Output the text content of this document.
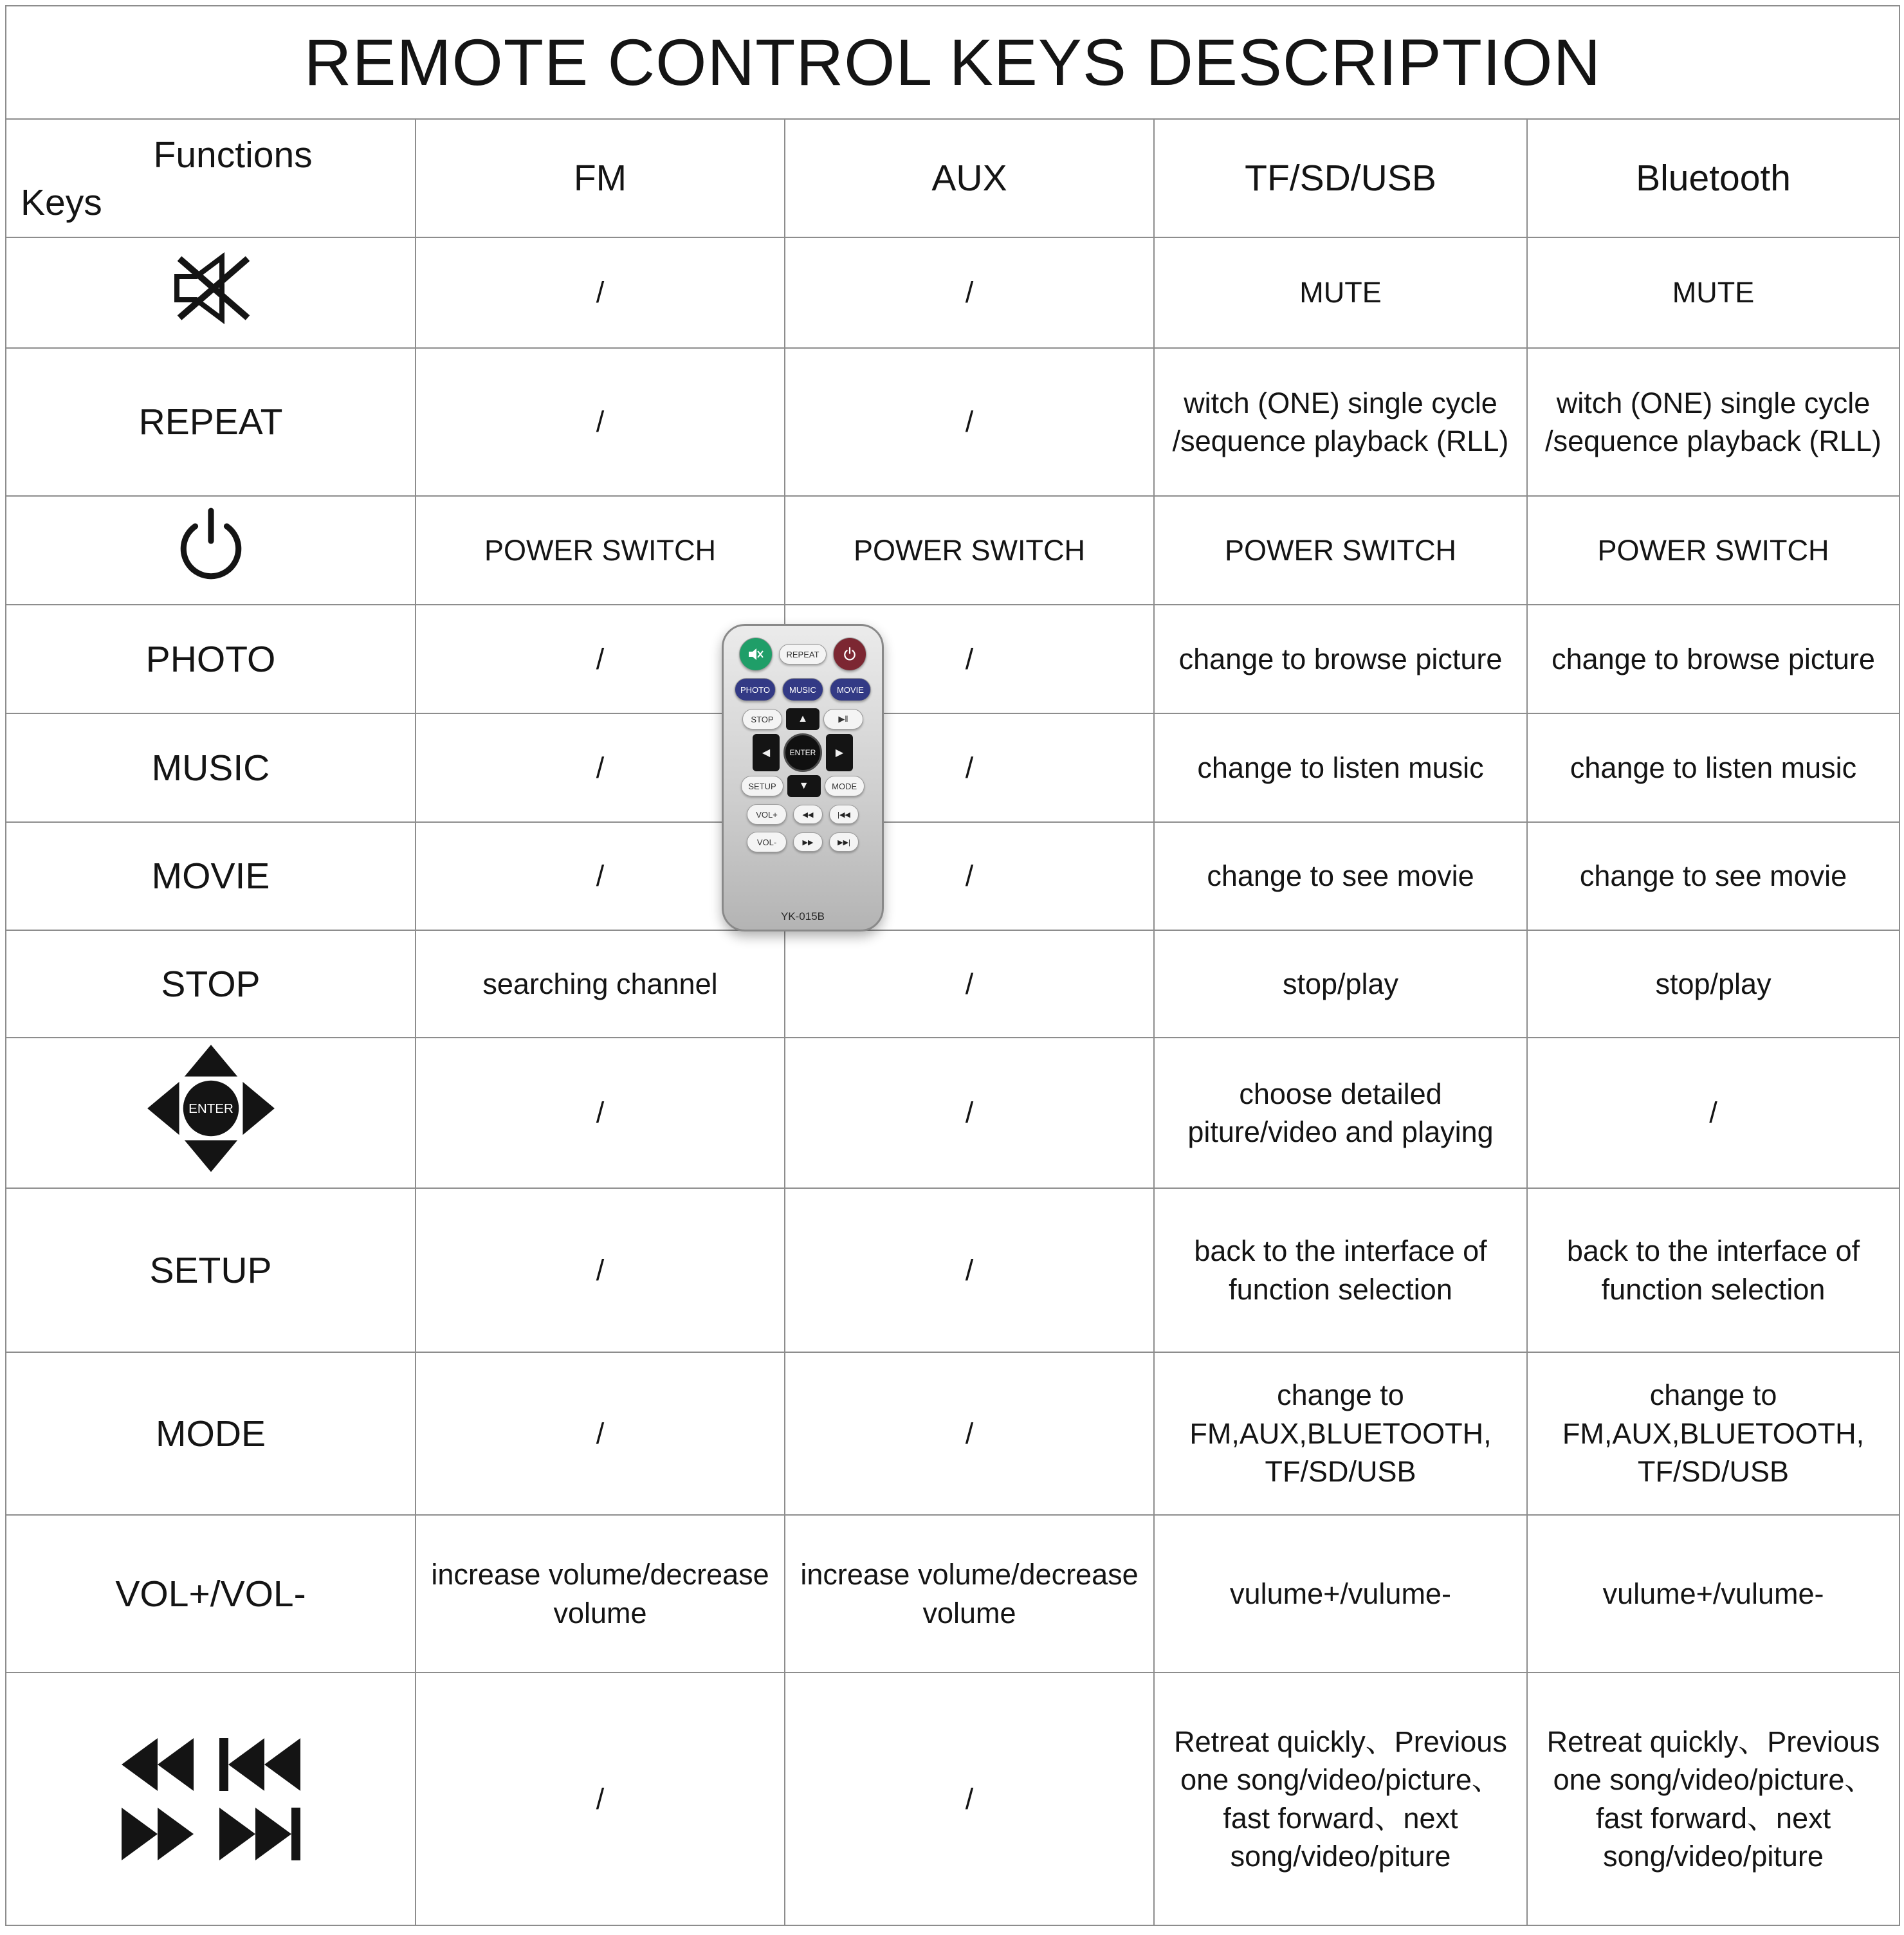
REMOTE CONTROL KEYS DESCRIPTION				

Functions
Keys	FM	AUX	TF/SD/USB	Bluetooth
	/	/	MUTE	MUTE
REPEAT	/	/	witch (ONE) single cycle /sequence playback (RLL)	witch (ONE) single cycle /sequence playback (RLL)
	POWER SWITCH	POWER SWITCH	POWER SWITCH	POWER SWITCH
PHOTO	/	/	change to browse picture	change to browse picture
MUSIC	/	/	change to listen music	change to listen music
MOVIE	/	/	change to see movie	change to see movie
STOP	searching channel	/	stop/play	stop/play

ENTER	/	/	choose detailed piture/video and playing	/
SETUP	/	/	back to the interface of function selection	back to the interface of function selection
MODE	/	/	change to FM,AUX,BLUETOOTH, TF/SD/USB	change to FM,AUX,BLUETOOTH, TF/SD/USB
VOL+/VOL-	increase volume/decrease volume	increase volume/decrease volume	vulume+/vulume-	vulume+/vulume-

	/	/	Retreat quickly、Previous one song/video/picture、fast forward、next song/video/piture	Retreat quickly、Previous one song/video/picture、fast forward、next song/video/piture
REPEAT
PHOTO	MUSIC	MOVIE
STOP	▲	▶‖
◀	ENTER	▶
SETUP	▼	MODE
VOL+	◀◀	|◀◀
VOL-	▶▶	▶▶|
YK-015B
